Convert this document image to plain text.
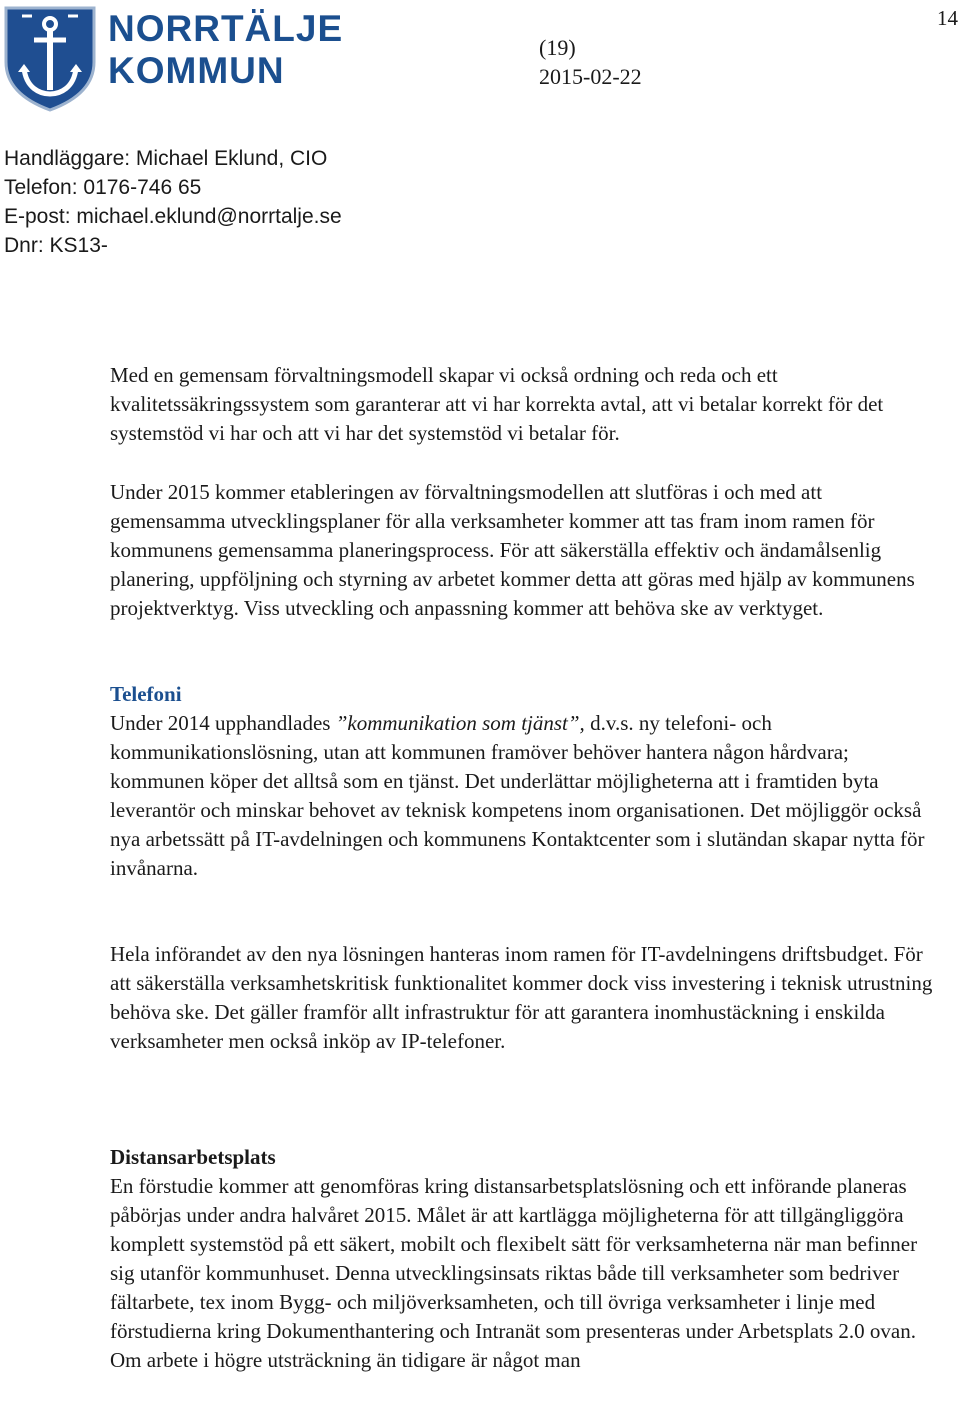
14
NORRTÄLJE
KOMMUN
(19)
2015-02-22
Handläggare: Michael Eklund, CIO
Telefon: 0176-746 65
E-post: michael.eklund@norrtalje.se
Dnr: KS13-

Med en gemensam förvaltningsmodell skapar vi också ordning och reda och ett kvalitetssäkringssystem som garanterar att vi har korrekta avtal, att vi betalar korrekt för det systemstöd vi har och att vi har det systemstöd vi betalar för.

Under 2015 kommer etableringen av förvaltningsmodellen att slutföras i och med att gemensamma utvecklingsplaner för alla verksamheter kommer att tas fram inom ramen för kommunens gemensamma planeringsprocess. För att säkerställa effektiv och ändamålsenlig planering, uppföljning och styrning av arbetet kommer detta att göras med hjälp av kommunens projektverktyg. Viss utveckling och anpassning kommer att behöva ske av verktyget.

Telefoni

Under 2014 upphandlades ”kommunikation som tjänst”, d.v.s. ny telefoni- och kommunikationslösning, utan att kommunen framöver behöver hantera någon hårdvara; kommunen köper det alltså som en tjänst. Det underlättar möjligheterna att i framtiden byta leverantör och minskar behovet av teknisk kompetens inom organisationen. Det möjliggör också nya arbetssätt på IT-avdelningen och kommunens Kontaktcenter som i slutändan skapar nytta för invånarna.

Hela införandet av den nya lösningen hanteras inom ramen för IT-avdelningens driftsbudget. För att säkerställa verksamhetskritisk funktionalitet kommer dock viss investering i teknisk utrustning behöva ske. Det gäller framför allt infrastruktur för att garantera inomhustäckning i enskilda verksamheter men också inköp av IP-telefoner.

Distansarbetsplats

En förstudie kommer att genomföras kring distansarbetsplatslösning och ett införande planeras påbörjas under andra halvåret 2015. Målet är att kartlägga möjligheterna för att tillgängliggöra komplett systemstöd på ett säkert, mobilt och flexibelt sätt för verksamheterna när man befinner sig utanför kommunhuset. Denna utvecklingsinsats riktas både till verksamheter som bedriver fältarbete, tex inom Bygg- och miljöverksamheten, och till övriga verksamheter i linje med förstudierna kring Dokumenthantering och Intranät som presenteras under Arbetsplats 2.0 ovan. Om arbete i högre utsträckning än tidigare är något man
